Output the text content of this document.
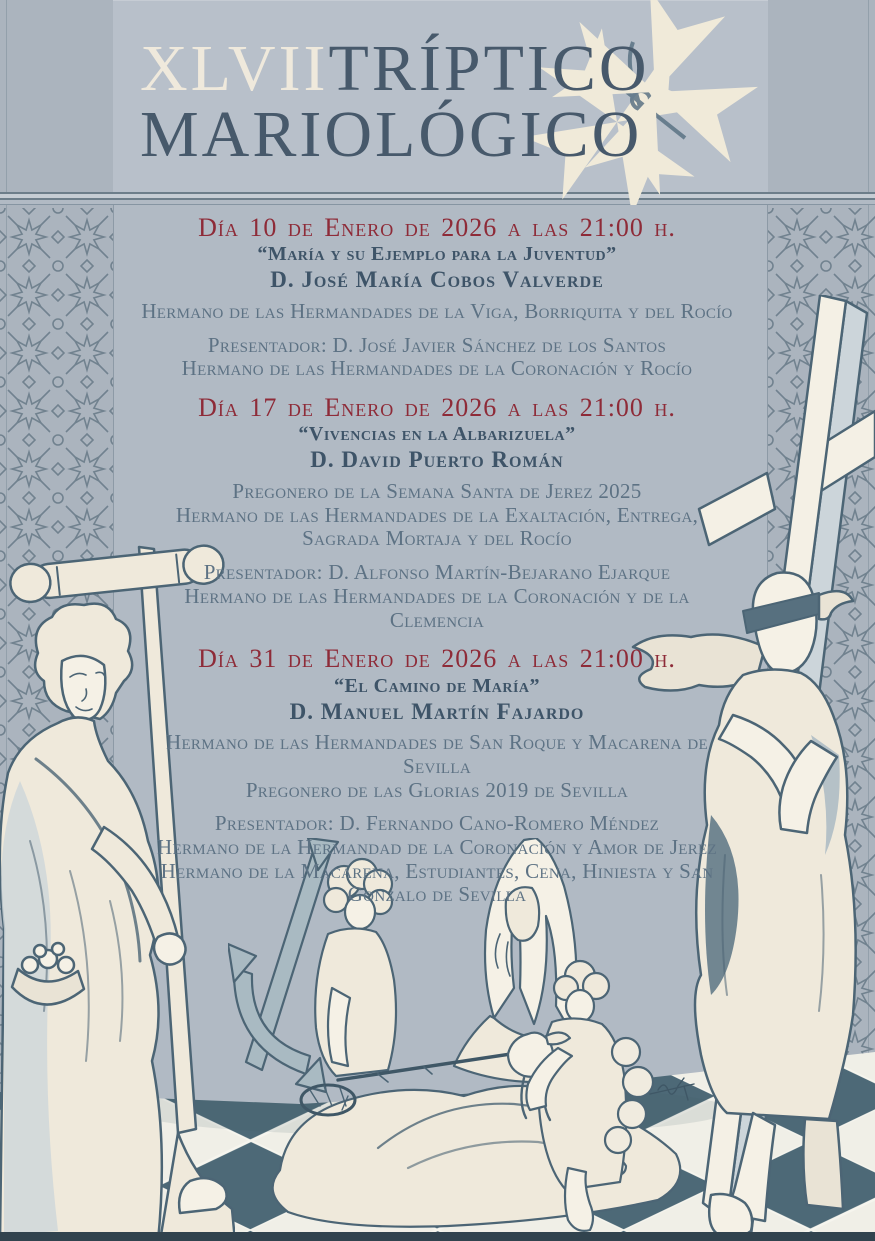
XLVIITRÍPTICO
MARIOLÓGICO
Día 10 de Enero de 2026 a las 21:00 h.
“María y su Ejemplo para la Juventud”
D. José María Cobos Valverde
Hermano de las Hermandades de la Viga, Borriquita y del Rocío
Presentador: D. José Javier Sánchez de los Santos
Hermano de las Hermandades de la Coronación y Rocío
Día 17 de Enero de 2026 a las 21:00 h.
“Vivencias en la Albarizuela”
D. David Puerto Román
Pregonero de la Semana Santa de Jerez 2025
Hermano de las Hermandades de la Exaltación, Entrega, Sagrada Mortaja y del Rocío
Presentador: D. Alfonso Martín-Bejarano Ejarque
Hermano de las Hermandades de la Coronación y de la Clemencia
Día 31 de Enero de 2026 a las 21:00 h.
“El Camino de María”
D. Manuel Martín Fajardo
Hermano de las Hermandades de San Roque y Macarena de Sevilla
Pregonero de las Glorias 2019 de Sevilla
Presentador: D. Fernando Cano-Romero Méndez
Hermano de la Hermandad de la Coronación y Amor de Jerez
Hermano de la Macarena, Estudiantes, Cena, Hiniesta y San Gonzalo de Sevilla
